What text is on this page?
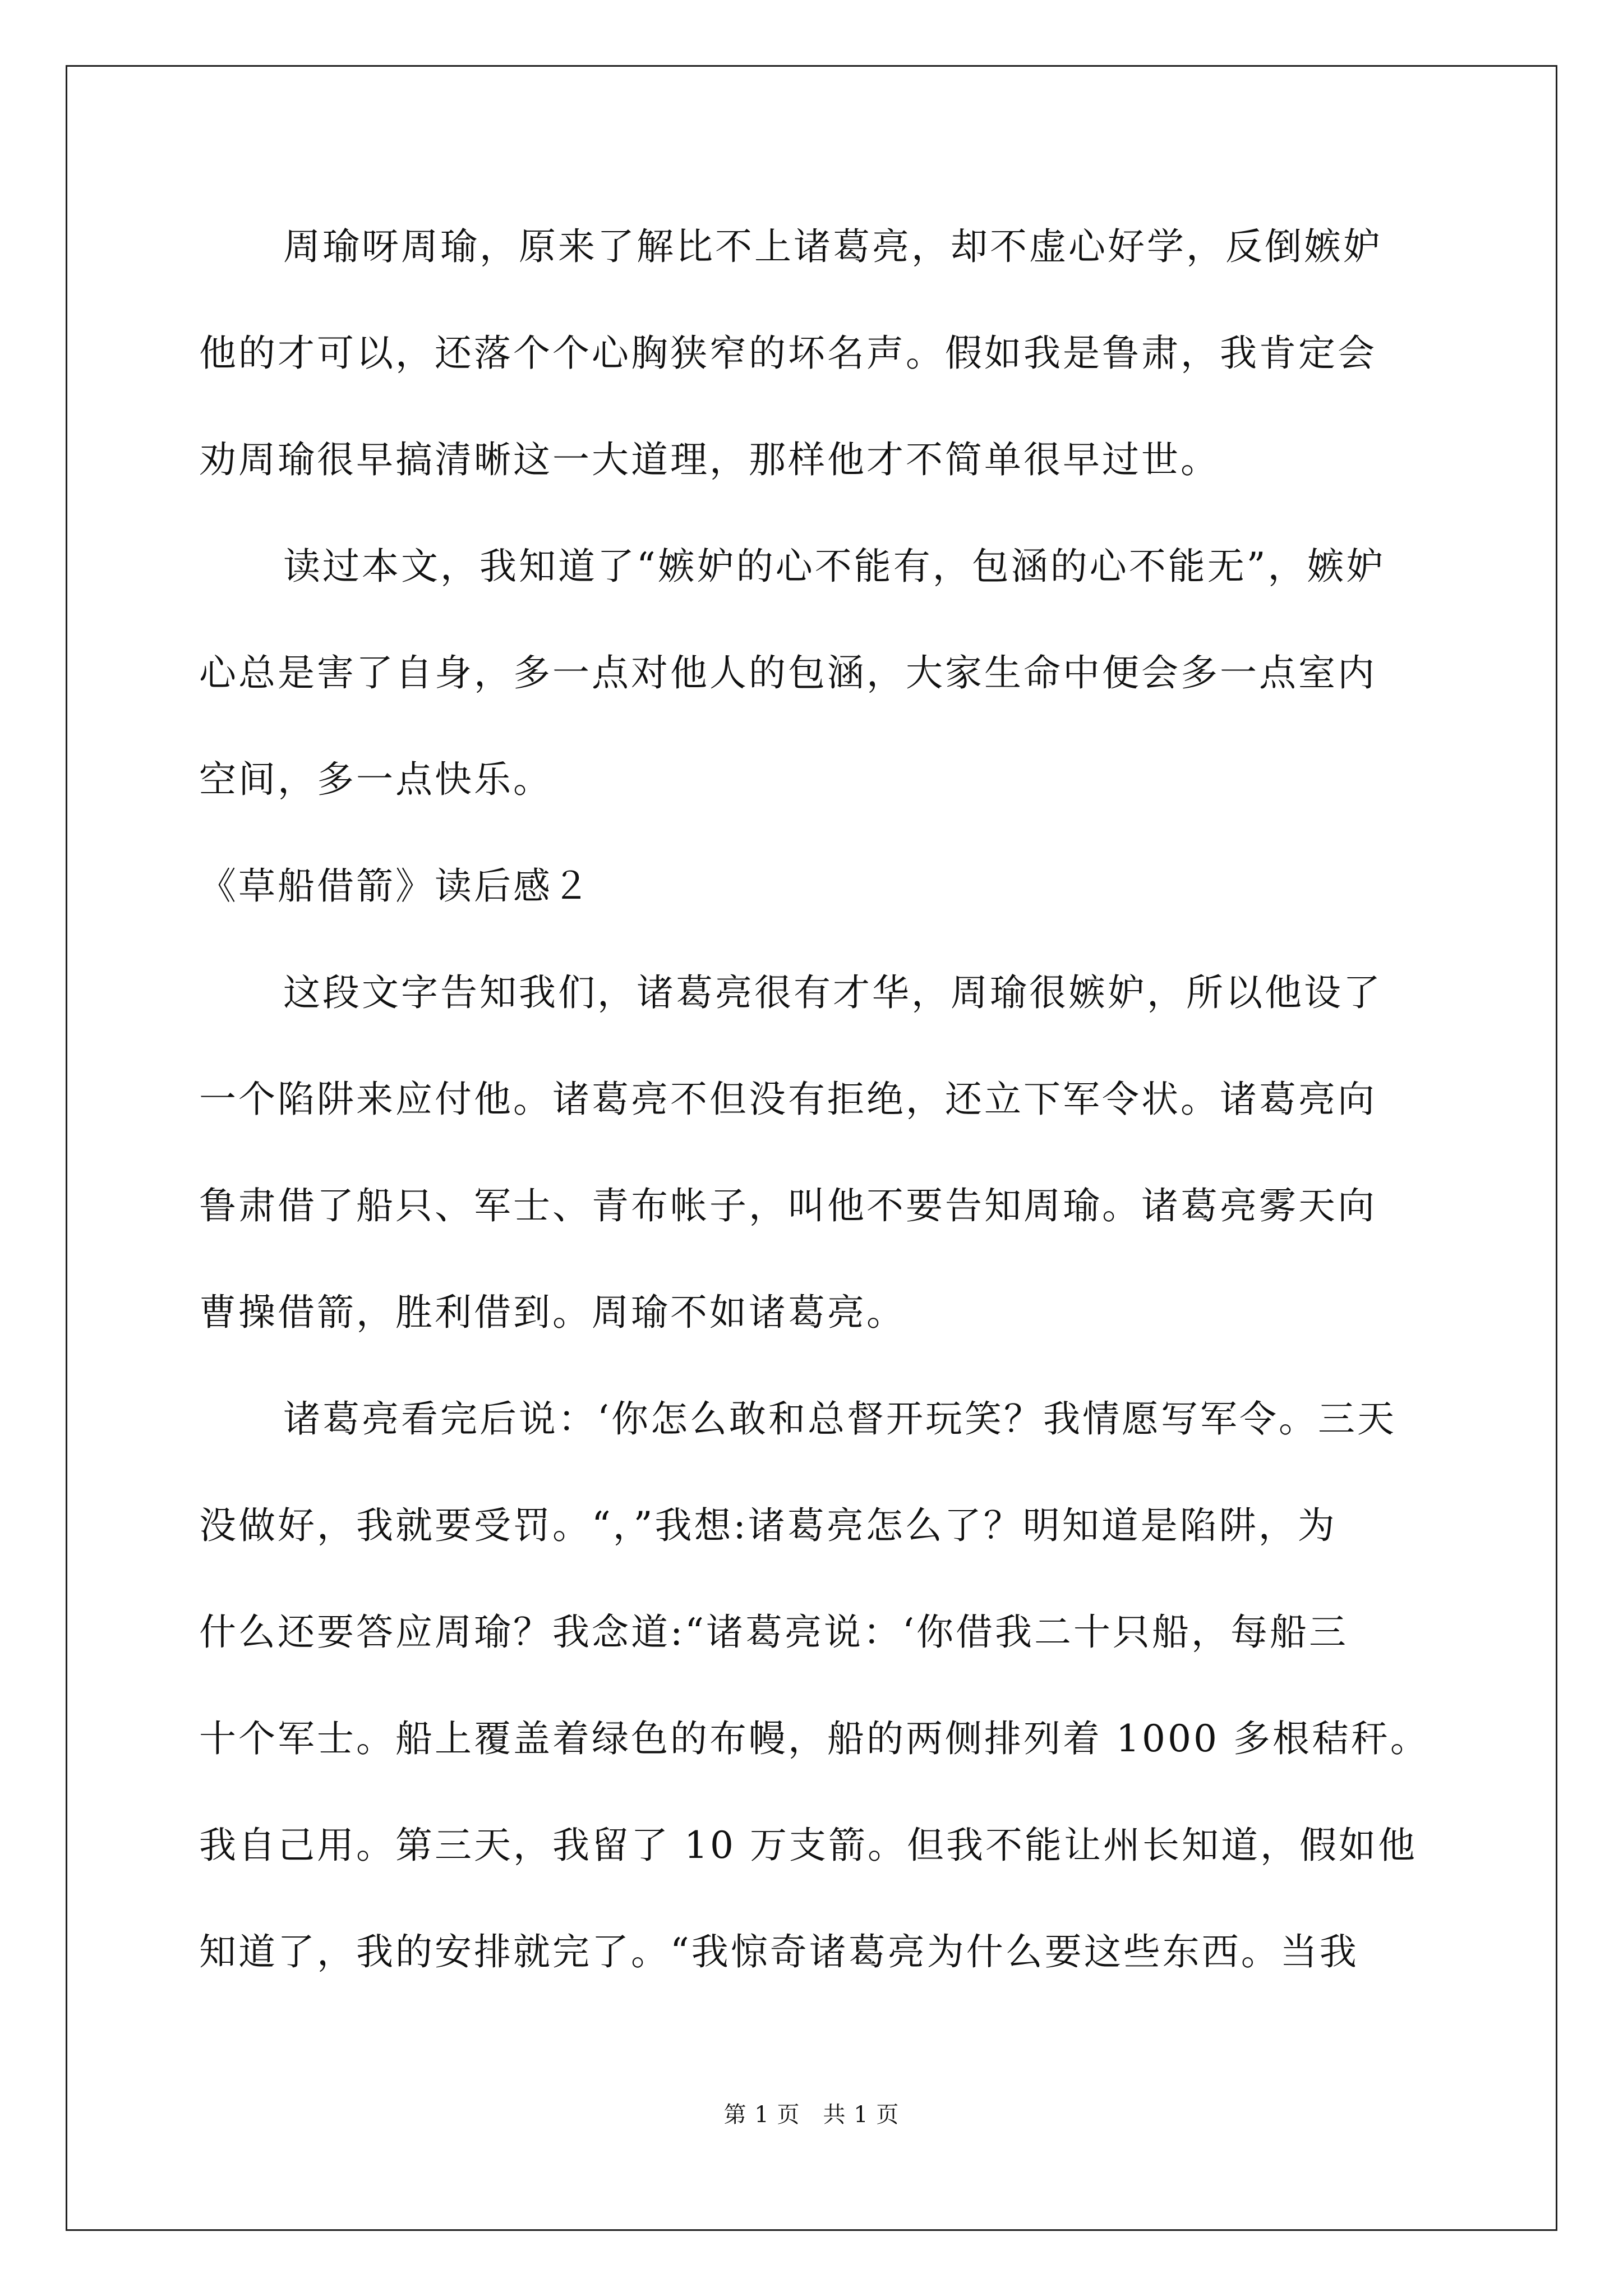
周瑜呀周瑜，原来了解比不上诸葛亮，却不虚心好学，反倒嫉妒
他的才可以，还落个个心胸狭窄的坏名声。假如我是鲁肃，我肯定会
劝周瑜很早搞清晰这一大道理，那样他才不简单很早过世。
读过本文，我知道了“嫉妒的心不能有，包涵的心不能无”，嫉妒
心总是害了自身，多一点对他人的包涵，大家生命中便会多一点室内
空间，多一点快乐。
《草船借箭》读后感２
这段文字告知我们，诸葛亮很有才华，周瑜很嫉妒，所以他设了
一个陷阱来应付他。诸葛亮不但没有拒绝，还立下军令状。诸葛亮向
鲁肃借了船只、军士、青布帐子，叫他不要告知周瑜。诸葛亮雾天向
曹操借箭，胜利借到。周瑜不如诸葛亮。
诸葛亮看完后说：‘你怎么敢和总督开玩笑？我情愿写军令。三天
没做好，我就要受罚。“，”我想:诸葛亮怎么了？明知道是陷阱，为
什么还要答应周瑜？我念道:“诸葛亮说：‘你借我二十只船，每船三
十个军士。船上覆盖着绿色的布幔，船的两侧排列着 1000 多根秸秆。
我自己用。第三天，我留了 10 万支箭。但我不能让州长知道，假如他
知道了，我的安排就完了。“我惊奇诸葛亮为什么要这些东西。当我
第 1 页　共 1 页
